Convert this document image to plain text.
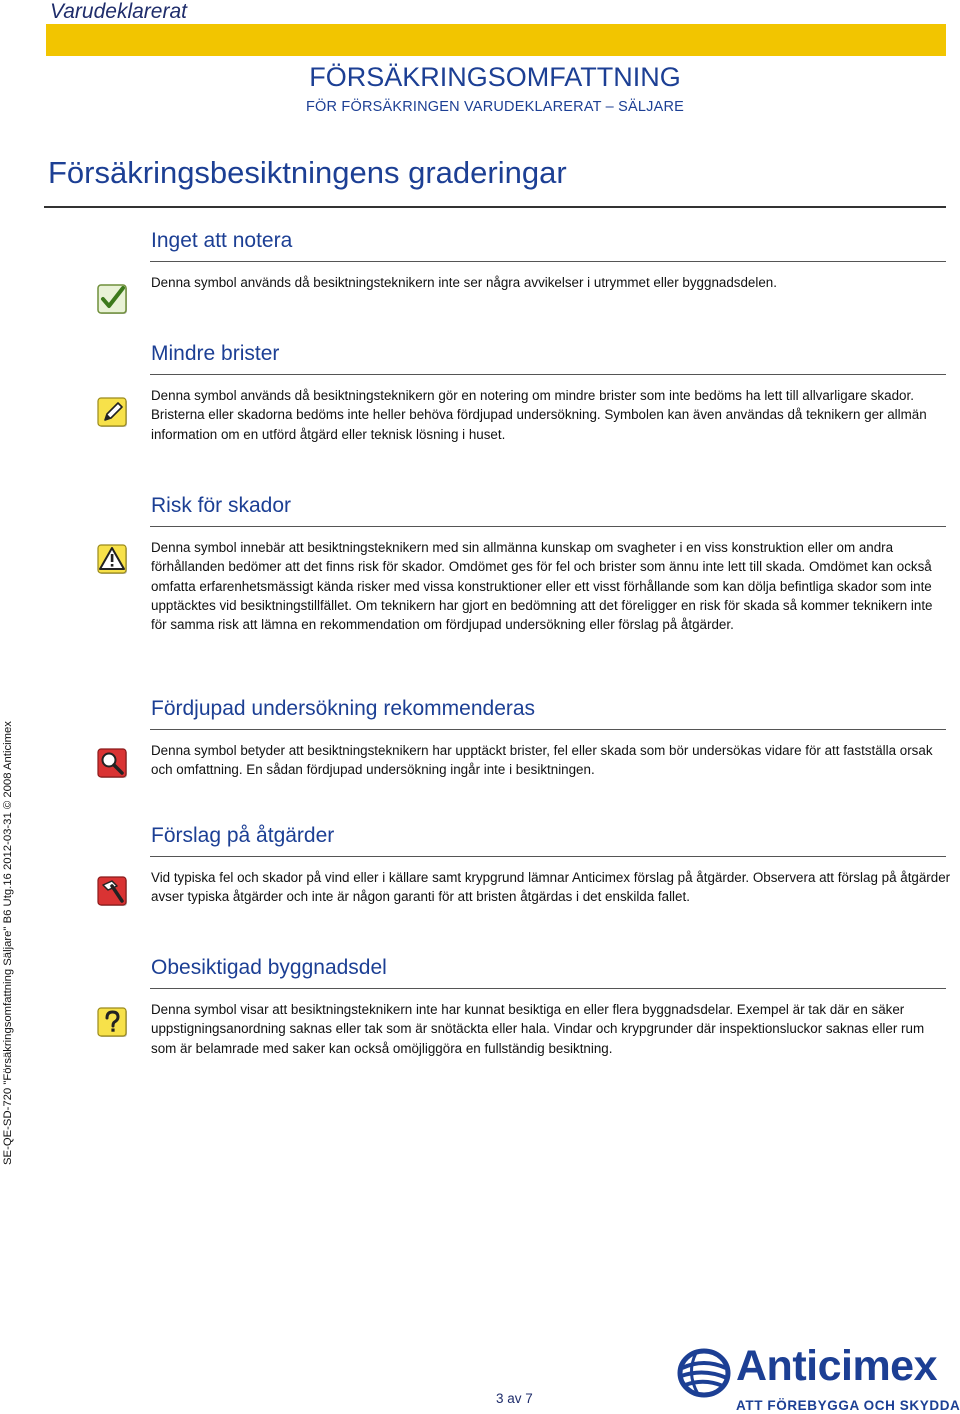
Varudeklarerat
FÖRSÄKRINGSOMFATTNING
FÖR FÖRSÄKRINGEN VARUDEKLARERAT – SÄLJARE
Försäkringsbesiktningens graderingar
Inget att notera
Denna symbol används då besiktningsteknikern inte ser några avvikelser i utrymmet eller byggnadsdelen.
Mindre brister
Denna symbol används då besiktningsteknikern gör en notering om mindre brister som inte bedöms ha lett till allvarligare skador. Bristerna eller skadorna bedöms inte heller behöva fördjupad undersökning. Symbolen kan även användas då teknikern ger allmän information om en utförd åtgärd eller teknisk lösning i huset.
Risk för skador
Denna symbol innebär att besiktningsteknikern med sin allmänna kunskap om svagheter i en viss konstruktion eller om andra förhållanden bedömer att det finns risk för skador. Omdömet ges för fel och brister som ännu inte lett till skada. Omdömet kan också omfatta erfarenhetsmässigt kända risker med vissa konstruktioner eller ett visst förhållande som kan dölja befintliga skador som inte upptäcktes vid besiktningstillfället. Om teknikern har gjort en bedömning att det föreligger en risk för skada så kommer teknikern inte för samma risk att lämna en rekommendation om fördjupad undersökning eller förslag på åtgärder.
Fördjupad undersökning rekommenderas
Denna symbol betyder att besiktningsteknikern har upptäckt brister, fel eller skada som bör undersökas vidare för att fastställa orsak och omfattning. En sådan fördjupad undersökning ingår inte i besiktningen.
Förslag på åtgärder
Vid typiska fel och skador på vind eller i källare samt krypgrund lämnar Anticimex förslag på åtgärder. Observera att förslag på åtgärder avser typiska åtgärder och inte är någon garanti för att bristen åtgärdas i det enskilda fallet.
Obesiktigad byggnadsdel
Denna symbol visar att besiktningsteknikern inte har kunnat besiktiga en eller flera byggnadsdelar. Exempel är tak där en säker uppstigningsanordning saknas eller tak som är snötäckta eller hala. Vindar och krypgrunder där inspektionsluckor saknas eller rum som är belamrade med saker kan också omöjliggöra en fullständig besiktning.
SE-QE-SD-720 "Försäkringsomfattning Säljare" B6 Utg.16 2012-03-31 © 2008 Anticimex
3 av 7
Anticimex
ATT FÖREBYGGA OCH SKYDDA
